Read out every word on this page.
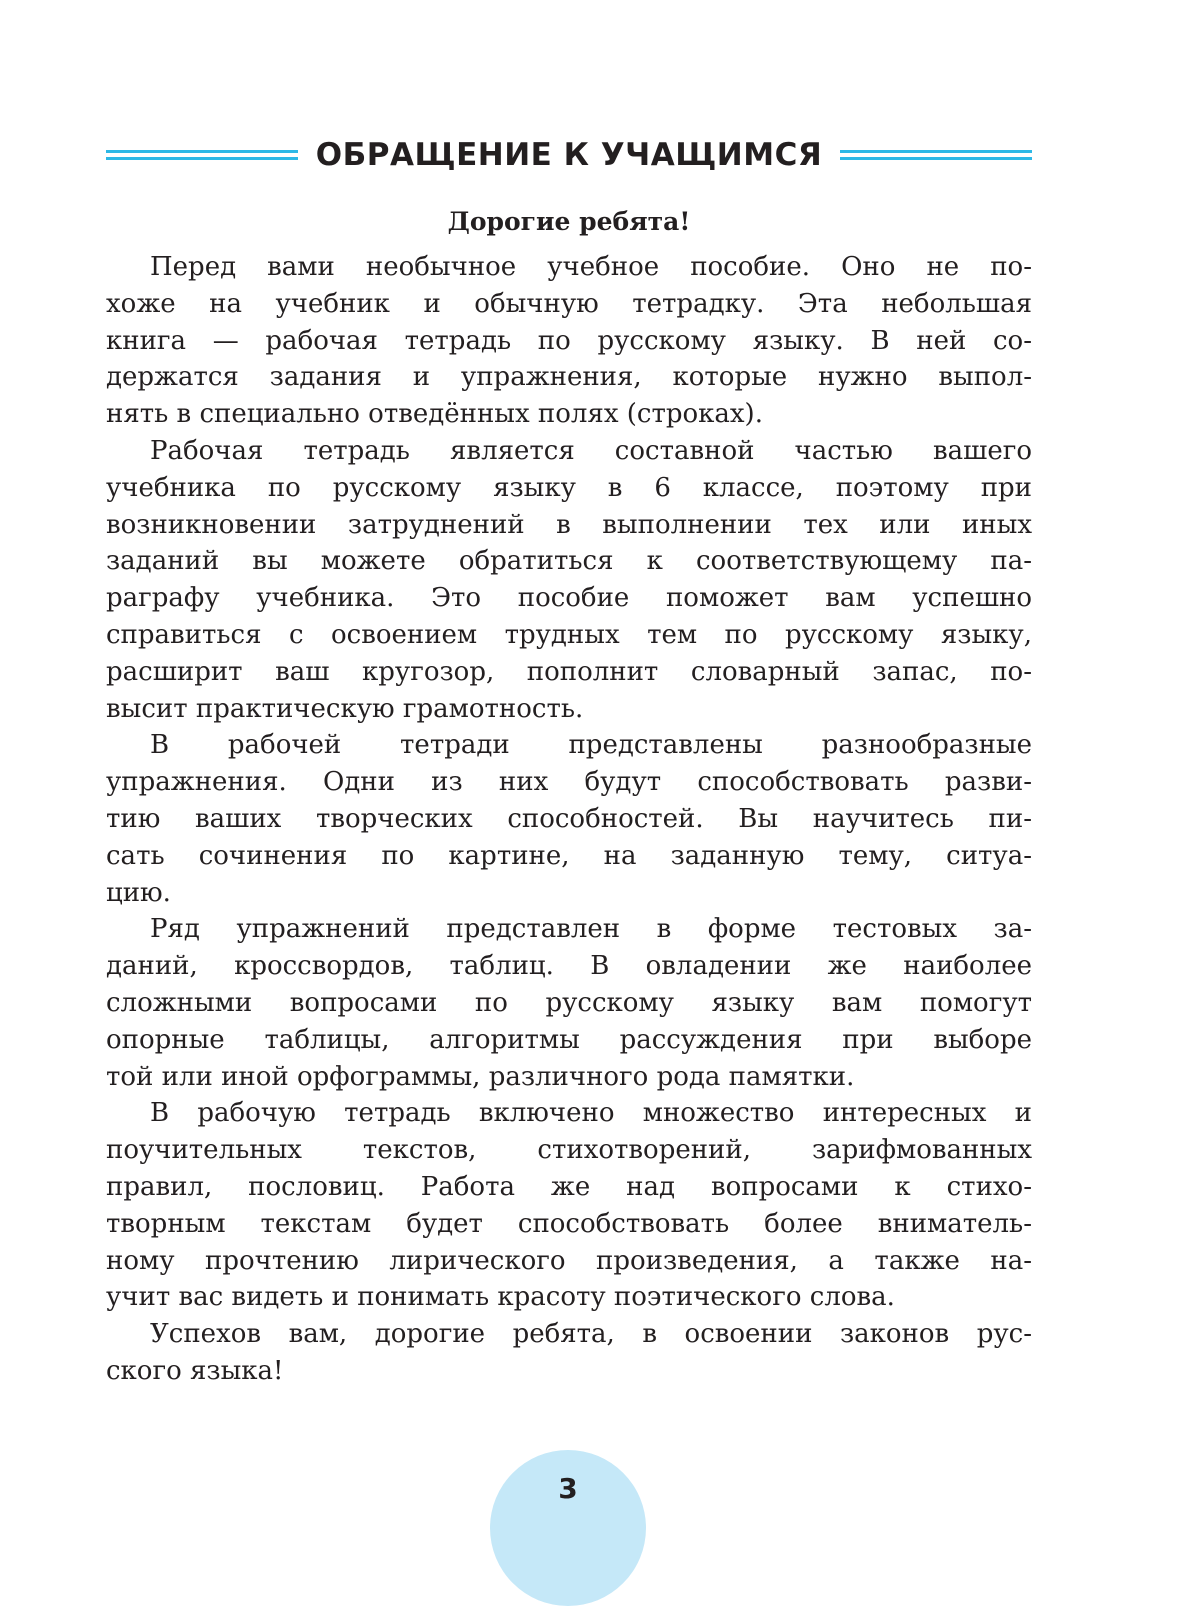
ОБРАЩЕНИЕ К УЧАЩИМСЯ
Дорогие ребята!
Перед вами необычное учебное пособие. Оно не по-
хоже на учебник и обычную тетрадку. Эта небольшая
книга — рабочая тетрадь по русскому языку. В ней со-
держатся задания и упражнения, которые нужно выпол-
нять в специально отведённых полях (строках).
Рабочая тетрадь является составной частью вашего
учебника по русскому языку в 6 классе, поэтому при
возникновении затруднений в выполнении тех или иных
заданий вы можете обратиться к соответствующему па-
раграфу учебника. Это пособие поможет вам успешно
справиться с освоением трудных тем по русскому языку,
расширит ваш кругозор, пополнит словарный запас, по-
высит практическую грамотность.
В рабочей тетради представлены разнообразные
упражнения. Одни из них будут способствовать разви-
тию ваших творческих способностей. Вы научитесь пи-
сать сочинения по картине, на заданную тему, ситуа-
цию.
Ряд упражнений представлен в форме тестовых за-
даний, кроссвордов, таблиц. В овладении же наиболее
сложными вопросами по русскому языку вам помогут
опорные таблицы, алгоритмы рассуждения при выборе
той или иной орфограммы, различного рода памятки.
В рабочую тетрадь включено множество интересных и
поучительных текстов, стихотворений, зарифмованных
правил, пословиц. Работа же над вопросами к стихо-
творным текстам будет способствовать более вниматель-
ному прочтению лирического произведения, а также на-
учит вас видеть и понимать красоту поэтического слова.
Успехов вам, дорогие ребята, в освоении законов рус-
ского языка!
3
